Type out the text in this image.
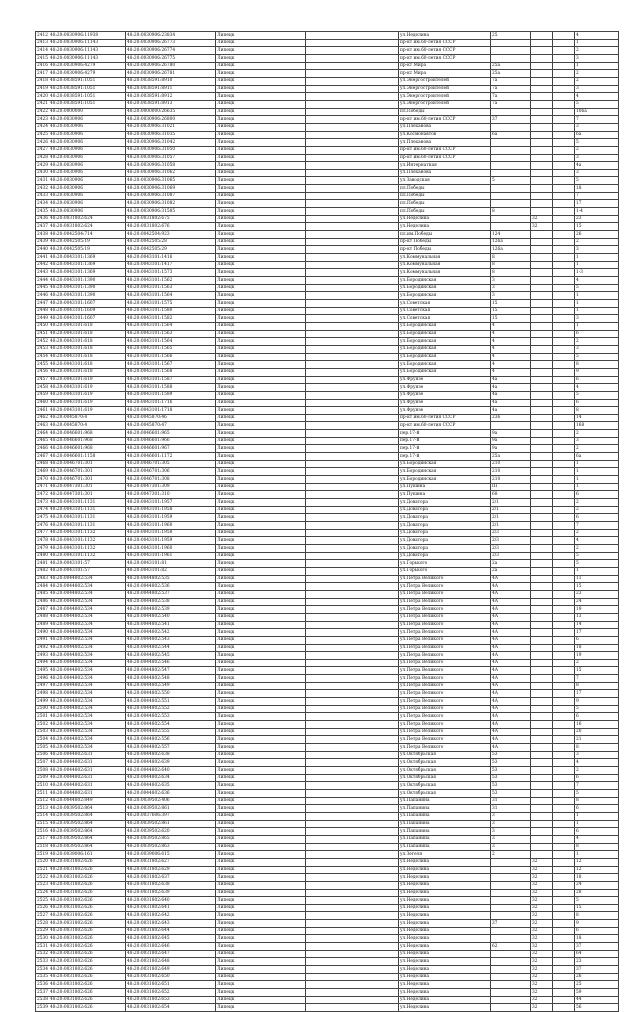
2412 48:20:0030906:11938	48:20:0030906:23834	Липецк		ул.Неделина	25			4
2413 48:20:0030906:11143	48:20:0030906:26773	Липецк		пр-кт им.60-летия СССР				1
2414 48:20:0030906:11143	48:20:0030906:26774	Липецк		пр-кт им.60-летия СССР				2
2415 48:20:0030906:11143	48:20:0030906:26775	Липецк		пр-кт им.60-летия СССР				3
2416 48:20:0030906:4279	48:20:0030906:26780	Липецк		пр-кт Мира	25а			1
2417 48:20:0030906:4279	48:20:0030906:26781	Липецк		пр-кт Мира	25а			2
2418 48:20:0038591:1051	48:20:0038591:8910	Липецк		ул.Энергостроителей	7а			2
2419 48:20:0038591:1051	48:20:0038591:8911	Липецк		ул.Энергостроителей	7а			3
2420 48:20:0038591:1051	48:20:0038591:8912	Липецк		ул.Энергостроителей	7а			4
2421 48:20:0038591:1051	48:20:0038591:8913	Липецк		ул.Энергостроителей	7а			5
2422 48:20:0000000	48:20:0000000:26635	Липецк		пл.Победы				106а
2423 48:20:0030906	48:20:0030906:26800	Липецк		пр-кт им.60-летия СССР	37			7
2424 48:20:0030906	48:20:0030906:31021	Липецк		ул.Плеханова				3
2425 48:20:0030906	48:20:0030906:31035	Липецк		ул.Космонавтов	6а			6а
2426 48:20:0030906	48:20:0030906:31042	Липецк		ул.Плеханова				5
2427 48:20:0030906	48:20:0030906:31050	Липецк		пр-кт им.60-летия СССР				2
2428 48:20:0030906	48:20:0030906:31057	Липецк		пр-кт им.60-летия СССР				3
2429 48:20:0030906	48:20:0030906:31058	Липецк		ул.Интернатная				4а
2430 48:20:0030906	48:20:0030906:31062	Липецк		ул.Плеханова				3
2431 48:20:0030906	48:20:0030906:31065	Липецк		ул.Заводская	5			5
2432 48:20:0030906	48:20:0030906:31069	Липецк		пл.Победы				18
2433 48:20:0030906	48:20:0030906:31087	Липецк		пл.Победы				7
2434 48:20:0030906	48:20:0030906:31082	Липецк		пл.Победы				17
2435 48:20:0030906	48:20:0030906:31585	Липецк		пл.Победы	8			1-4
2436 48:20:0031802:624	48:20:0031802:675	Липецк		ул.Неделина		32		23
2437 48:20:0031802:624	48:20:0031802:676	Липецк		ул.Неделина		32		15
2438 48:20:0042504:714	48:20:0042504:923	Липецк		пл.им.Победы	124			26
2439 48:20:0042505:19	48:20:0042505:28	Липецк		пр-кт Победы	126а			2
2440 48:20:0042505:19	48:20:0042505:29	Липецк		пр-кт Победы	126а			3
2441 48:20:0043101:1369	48:20:0043101:1416	Липецк		ул.Коммунальная	8			1
2442 48:20:0043101:1369	48:20:0043101:1417	Липецк		ул.Коммунальная	8			1
2443 48:20:0043101:1369	48:20:0043101:1573	Липецк		ул.Коммунальная	8			1-3
2444 48:20:0043101:1390	48:20:0043101:1562	Липецк		ул.Бородинская	3			4
2445 48:20:0043101:1390	48:20:0043101:1563	Липецк		ул.Бородинская	3			5
2446 48:20:0043101:1390	48:20:0043101:1564	Липецк		ул.Бородинская	3			1
2447 48:20:0043101:1607	48:20:0043101:1575	Липецк		ул.Советская	15			1
2448 48:20:0043101:1609	48:20:0043101:1580	Липецк		ул.Советская	15			1
2449 48:20:0043101:1607	48:20:0043101:1582	Липецк		ул.Советская	15			3
2450 48:20:0043101:618	48:20:0043101:1564	Липецк		ул.Бородинская	4			1
2451 48:20:0043101:618	48:20:0043101:1563	Липецк		ул.Бородинская	4			6
2452 48:20:0043101:618	48:20:0043101:1564	Липецк		ул.Бородинская	4			2
2453 48:20:0043101:618	48:20:0043101:1565	Липецк		ул.Бородинская	4			3
2454 48:20:0043101:618	48:20:0043101:1566	Липецк		ул.Бородинская	4			5
2455 48:20:0043101:618	48:20:0043101:1567	Липецк		ул.Бородинская	4			8
2456 48:20:0043101:618	48:20:0043101:1568	Липецк		ул.Бородинская	4			9
2457 48:20:0043101:619	48:20:0043101:1587	Липецк		ул.Фрунзе	4а			6
2458 48:20:0043101:619	48:20:0043101:1588	Липецк		ул.Фрунзе	4а			4
2459 48:20:0043101:619	48:20:0043101:1589	Липецк		ул.Фрунзе	4а			5
2460 48:20:0043101:619	48:20:0043101:1716	Липецк		ул.Фрунзе	4а			6
2461 48:20:0043101:619	48:20:0043101:1718	Липецк		ул.Фрунзе	4а			8
2462 48:20:0045870:4	48:20:0045870:46	Липецк		пр-кт им.60-летия СССР	236			14
2463 48:20:0045870:4	48:20:0045870:47	Липецк		пр-кт им.60-летия СССР				168
2464 48:20:0046601:968	48:20:0046601:965	Липецк		пер.17-й	9а			2
2465 48:20:0046601:968	48:20:0046601:966	Липецк		пер.17-й	9а			3
2466 48:20:0046601:968	48:20:0046601:967	Липецк		пер.17-й	9а			2
2467 48:20:0046601:1158	48:20:0046601:1172	Липецк		пер.17-й	25а			6а
2468 48:20:0046701:301	48:20:0046701:305	Липецк		ул.Бородинская	210			1
2469 48:20:0046701:301	48:20:0046701:306	Липецк		ул.Бородинская	210			1
2470 48:20:0046701:301	48:20:0046701:308	Липецк		ул.Бородинская	210			1
2471 48:20:0047301:301	48:20:0047301:309	Липецк		ул.Пушина	III			1
2472 48:20:0047301:301	48:20:0047301:310	Липецк		ул.Пушина	68			6
2473 48:20:0043101:1131	48:20:0043101:1957	Липецк		ул.Доватора	2/1			2
2474 48:20:0043101:1131	48:20:0043101:1958	Липецк		ул.Доватора	2/1			2
2475 48:20:0043101:1131	48:20:0043101:1959	Липецк		ул.Доватора	2/1			6
2476 48:20:0043101:1131	48:20:0043101:1960	Липецк		ул.Доватора	2/1			7
2477 48:20:0043101:1132	48:20:0043101:1958	Липецк		ул.Доватора	2/3			2
2478 48:20:0043101:1132	48:20:0043101:1959	Липецк		ул.Доватора	2/3			4
2479 48:20:0043101:1132	48:20:0043101:1960	Липецк		ул.Доватора	2/3			2
2480 48:20:0043101:1132	48:20:0043101:1961	Липецк		ул.Доватора	2/3			5
2481 48:20:0043101:57	48:20:0043101:81	Липецк		ул.Горького	2а			5
2482 48:20:0043101:57	48:20:0043101:82	Липецк		ул.Горького	2а			1
2483 48:20:0044802:534	48:20:0044802:535	Липецк		ул.Петра Великого	4А			11
2484 48:20:0044802:534	48:20:0044802:536	Липецк		ул.Петра Великого	4А			15
2485 48:20:0044802:534	48:20:0044802:537	Липецк		ул.Петра Великого	4А			23
2486 48:20:0044802:534	48:20:0044802:538	Липецк		ул.Петра Великого	4А			24
2487 48:20:0044802:534	48:20:0044802:539	Липецк		ул.Петра Великого	4А			19
2488 48:20:0044802:534	48:20:0044802:540	Липецк		ул.Петра Великого	4А			13
2489 48:20:0044802:534	48:20:0044802:541	Липецк		ул.Петра Великого	4А			14
2490 48:20:0044802:534	48:20:0044802:542	Липецк		ул.Петра Великого	4А			17
2491 48:20:0044802:534	48:20:0044802:543	Липецк		ул.Петра Великого	4А			6
2492 48:20:0044802:534	48:20:0044802:544	Липецк		ул.Петра Великого	4А			18
2493 48:20:0044802:534	48:20:0044802:545	Липецк		ул.Петра Великого	4А			19
2494 48:20:0044802:534	48:20:0044802:546	Липецк		ул.Петра Великого	4А			2
2495 48:20:0044802:534	48:20:0044802:547	Липецк		ул.Петра Великого	4А			15
2496 48:20:0044802:534	48:20:0044802:548	Липецк		ул.Петра Великого	4А			7
2497 48:20:0044802:534	48:20:0044802:549	Липецк		ул.Петра Великого	4А			8
2498 48:20:0044802:534	48:20:0044802:550	Липецк		ул.Петра Великого	4А			17
2499 48:20:0044802:534	48:20:0044802:551	Липецк		ул.Петра Великого	4А			9
2500 48:20:0044802:534	48:20:0044802:552	Липецк		ул.Петра Великого	4А			5
2501 48:20:0044802:534	48:20:0044802:553	Липецк		ул.Петра Великого	4А			6
2502 48:20:0044802:534	48:20:0044802:554	Липецк		ул.Петра Великого	4А			16
2503 48:20:0044802:534	48:20:0044802:555	Липецк		ул.Петра Великого	4А			20
2504 48:20:0044802:534	48:20:0044802:556	Липецк		ул.Петра Великого	4А			21
2505 48:20:0044802:534	48:20:0044802:557	Липецк		ул.Петра Великого	4А			8
2506 48:20:0044802:631	48:20:0044802:638	Липецк		ул.Октябрьская	53			3
2507 48:20:0044802:631	48:20:0044802:639	Липецк		ул.Октябрьская	53			4
2508 48:20:0044802:631	48:20:0044802:640	Липецк		ул.Октябрьская	53			2
2509 48:20:0044802:631	48:20:0044802:634	Липецк		ул.Октябрьская	53			6
2510 48:20:0044802:631	48:20:0044802:635	Липецк		ул.Октябрьская	53			7
2511 48:20:0044802:631	48:20:0044802:636	Липецк		ул.Октябрьская	53			5
2512 48:20:0044802:849	48:20:0039502:406	Липецк		ул.Папанина	31			8
2513 48:20:0039502:864	48:20:0039502:861	Липецк		ул.Папанина	31			6
2514 48:20:0039502:864	48:20:0037606:397	Липецк		ул.Папанина	3			1
2515 48:20:0039502:864	48:20:0039502:861	Липецк		ул.Папанина	3			1
2516 48:20:0039502:864	48:20:0039502:620	Липецк		ул.Папанина	3			6
2517 48:20:0039502:864	48:20:0039502:865	Липецк		ул.Папанина	3			4
2518 48:20:0039502:864	48:20:0039502:863	Липецк		ул.Папанина	3			8
2519 48:20:0039006:161	48:20:0039006:615	Липецк		ул.Зегеля	2			1
2520 48:20:0031802:626	48:20:0031802:627	Липецк		ул.Неделина		32		12
2521 48:20:0031802:626	48:20:0031802:629	Липецк		ул.Неделина		32		12
2522 48:20:0031802:626	48:20:0031802:637	Липецк		ул.Неделина		32		18
2523 48:20:0031802:626	48:20:0031802:638	Липецк		ул.Неделина		32		24
2524 48:20:0031802:626	48:20:0031802:639	Липецк		ул.Неделина		32		28
2525 48:20:0031802:626	48:20:0031802:640	Липецк		ул.Неделина		32		5
2526 48:20:0031802:626	48:20:0031802:641	Липецк		ул.Неделина		32		15
2527 48:20:0031802:626	48:20:0031802:642	Липецк		ул.Неделина		32		8
2528 48:20:0031802:626	48:20:0031802:643	Липецк		ул.Неделина	37	32		9
2529 48:20:0031802:626	48:20:0031802:644	Липецк		ул.Неделина		32		6
2530 48:20:0031802:626	48:20:0031802:645	Липецк		ул.Неделина		32		18
2531 48:20:0031802:626	48:20:0031802:646	Липецк		ул.Неделина	62	32		37
2532 48:20:0031802:626	48:20:0031802:647	Липецк		ул.Неделина		32		64
2533 48:20:0031802:626	48:20:0031802:648	Липецк		ул.Неделина		32		23
2534 48:20:0031802:626	48:20:0031802:649	Липецк		ул.Неделина		32		37
2535 48:20:0031802:626	48:20:0031802:650	Липецк		ул.Неделина		32		26
2536 48:20:0031802:626	48:20:0031802:651	Липецк		ул.Неделина		32		25
2537 48:20:0031802:626	48:20:0031802:652	Липецк		ул.Неделина		32		59
2538 48:20:0031802:626	48:20:0031802:653	Липецк		ул.Неделина		32		44
2539 48:20:0031802:626	48:20:0031802:654	Липецк		ул.Неделина		32		56
